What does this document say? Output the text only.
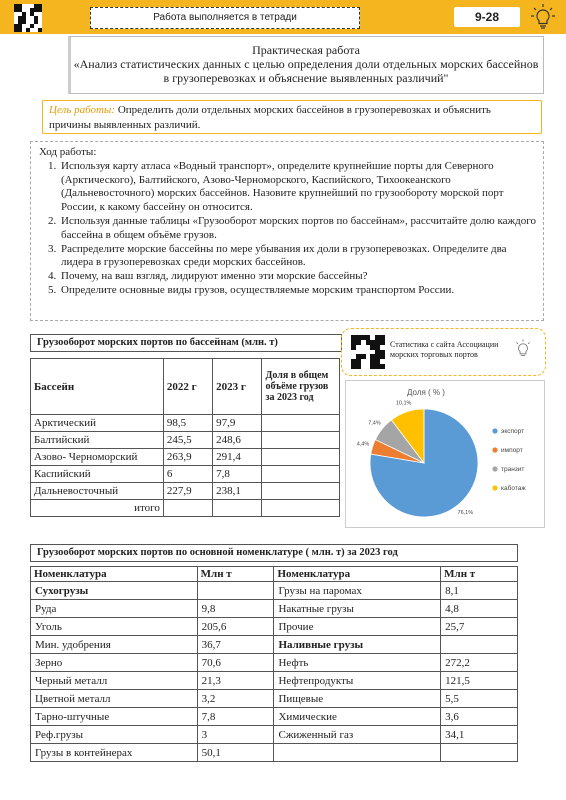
Работа выполняется в тетради	9-28
Практическая работа
«Анализ статистических данных с целью определения доли отдельных морских бассейнов в грузоперевозках и объяснение выявленных различий"
Цель работы: Определить доли отдельных морских бассейнов в грузоперевозках и объяснить причины выявленных различий.
Ход работы:
1. Используя карту атласа «Водный транспорт», определите крупнейшие порты для Северного (Арктического), Балтийского, Азово-Черноморского, Каспийского, Тихоокеанского (Дальневосточного) морских бассейнов. Назовите крупнейший по грузообороту морской порт России, к какому бассейну он относится.
2. Используя данные таблицы «Грузооборот морских портов по бассейнам», рассчитайте долю каждого бассейна в общем объёме грузов.
3. Распределите морские бассейны по мере убывания их доли в грузоперевозках. Определите два лидера в грузоперевозках среди морских бассейнов.
4. Почему, на ваш взгляд, лидируют именно эти морские бассейны?
5. Определите основные виды грузов, осуществляемые морским транспортом России.
Грузооборот морских портов по бассейнам (млн. т)
Бассейн	2022 г	2023 г	Доля в общем объёме грузов за 2023 год
Арктический	98,5	97,9	
Балтийский	245,5	248,6	
Азово- Черноморский	263,9	291,4	
Каспийский	6	7,8	
Дальневосточный	227,9	238,1	
итого			
Статистика с сайта Ассоциации морских торговых портов
Доля ( % )
76,1%
4,4%
7,4%
10,1%
экспорт
импорт
транзит
каботаж
Грузооборот морских портов по основной номенклатуре ( млн. т) за 2023 год
Номенклатура	Млн т	Номенклатура	Млн т
Сухогрузы		Грузы на паромах	8,1
Руда	9,8	Накатные грузы	4,8
Уголь	205,6	Прочие	25,7
Мин. удобрения	36,7	Наливные грузы	
Зерно	70,6	Нефть	272,2
Черный металл	21,3	Нефтепродукты	121,5
Цветной металл	3,2	Пищевые	5,5
Тарно-штучные	7,8	Химические	3,6
Реф.грузы	3	Сжиженный газ	34,1
Грузы в контейнерах	50,1		
